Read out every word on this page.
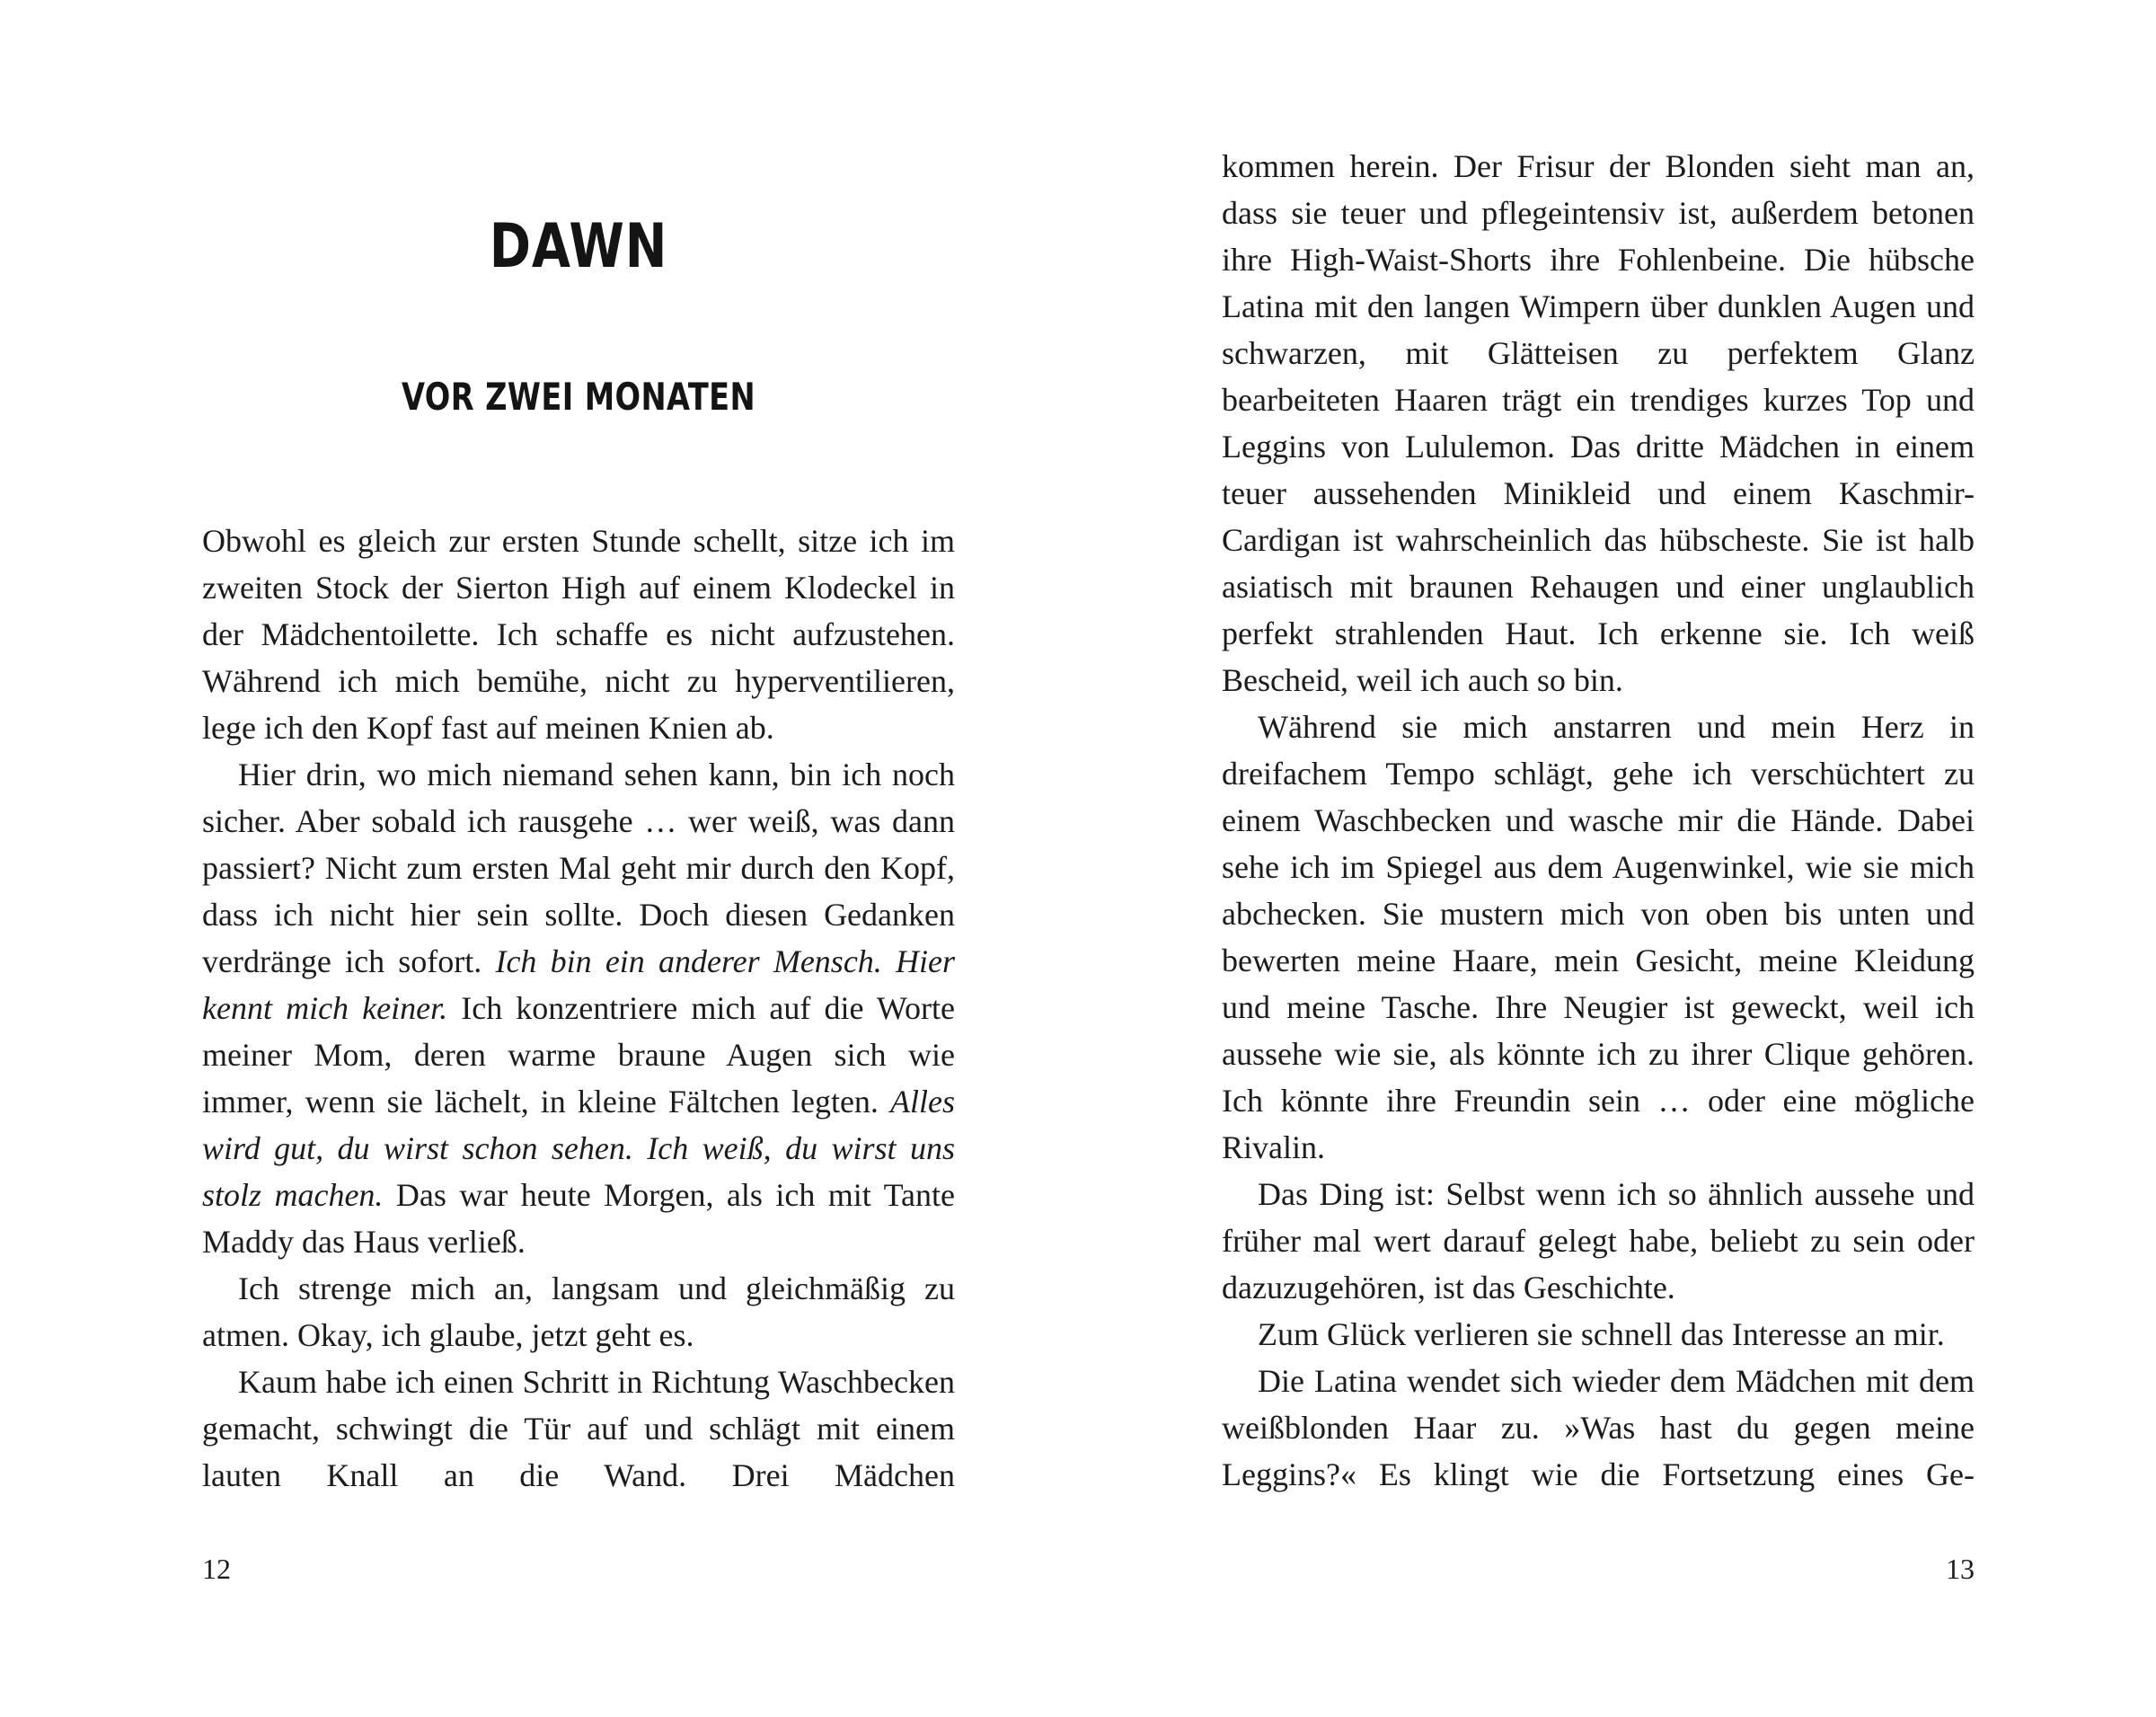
DAWN
VOR ZWEI MONATEN

Obwohl es gleich zur ersten Stunde schellt, sitze ich im zweiten Stock der Sierton High auf einem Klodeckel in der Mädchentoilette. Ich schaffe es nicht aufzustehen. Während ich mich bemühe, nicht zu hyperventilieren, lege ich den Kopf fast auf meinen Knien ab.

Hier drin, wo mich niemand sehen kann, bin ich noch sicher. Aber sobald ich rausgehe … wer weiß, was dann passiert? Nicht zum ersten Mal geht mir durch den Kopf, dass ich nicht hier sein sollte. Doch diesen Gedanken verdränge ich sofort. Ich bin ein anderer Mensch. Hier kennt mich keiner. Ich konzentriere mich auf die Worte meiner Mom, deren warme braune Augen sich wie immer, wenn sie lächelt, in kleine Fältchen legten. Alles wird gut, du wirst schon sehen. Ich weiß, du wirst uns stolz machen. Das war heute Morgen, als ich mit Tante Maddy das Haus verließ.

Ich strenge mich an, langsam und gleichmäßig zu atmen. Okay, ich glaube, jetzt geht es.

Kaum habe ich einen Schritt in Richtung Waschbecken gemacht, schwingt die Tür auf und schlägt mit einem lauten Knall an die Wand. Drei Mädchen

12

kommen herein. Der Frisur der Blonden sieht man an, dass sie teuer und pflegeintensiv ist, außerdem betonen ihre High-Waist-Shorts ihre Fohlenbeine. Die hübsche Latina mit den langen Wimpern über dunklen Augen und schwarzen, mit Glätteisen zu perfektem Glanz bearbeiteten Haaren trägt ein trendiges kurzes Top und Leggins von Lululemon. Das dritte Mädchen in einem teuer aussehenden Minikleid und einem Kaschmir-Cardigan ist wahrscheinlich das hübscheste. Sie ist halb asiatisch mit braunen Rehaugen und einer unglaublich perfekt strahlenden Haut. Ich erkenne sie. Ich weiß Bescheid, weil ich auch so bin.

Während sie mich anstarren und mein Herz in dreifachem Tempo schlägt, gehe ich verschüchtert zu einem Waschbecken und wasche mir die Hände. Dabei sehe ich im Spiegel aus dem Augenwinkel, wie sie mich abchecken. Sie mustern mich von oben bis unten und bewerten meine Haare, mein Gesicht, meine Kleidung und meine Tasche. Ihre Neugier ist geweckt, weil ich aussehe wie sie, als könnte ich zu ihrer Clique gehören. Ich könnte ihre Freundin sein … oder eine mögliche Rivalin.

Das Ding ist: Selbst wenn ich so ähnlich aussehe und früher mal wert darauf gelegt habe, beliebt zu sein oder dazuzugehören, ist das Geschichte.

Zum Glück verlieren sie schnell das Interesse an mir.

Die Latina wendet sich wieder dem Mädchen mit dem weißblonden Haar zu. »Was hast du gegen meine Leggins?« Es klingt wie die Fortsetzung eines Ge-

13
